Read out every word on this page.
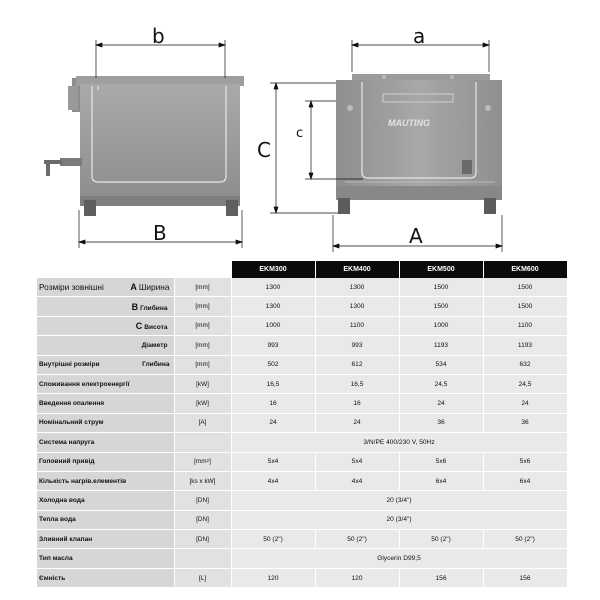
b
B
MAUTING
a
C
c
A
		EKM300	EKM400	EKM500	EKM600

Розміри зовнішні A Ширина	[mm]	1300	1300	1500	1500
B Глибина	[mm]	1300	1300	1500	1500
C Висота	[mm]	1000	1100	1000	1100
Діаметр	[mm]	993	993	1193	1193

Внутрішні розміри Глибина	[mm]	502	612	534	632
Споживання електроенергії	[kW]	16,5	16,5	24,5	24,5
Введення опалення	[kW]	16	16	24	24
Номінальний струм	[A]	24	24	36	36
Система напруга		3/N/PE 400/230 V, 50Hz			
Головний привід	$[mm^2]$	5x4	5x4	5x6	5x6
Кількість нагрів.елементів	[ks x kW]	4x4	4x4	6x4	6x4
Холодна вода	[DN]	20 (3/4")			
Тепла вода	[DN]	20 (3/4")			
Зливний клапан	[DN]	50 (2")	50 (2")	50 (2")	50 (2")
Тип масла		Glycerin D99,5			
Ємність	[L]	120	120	156	156
